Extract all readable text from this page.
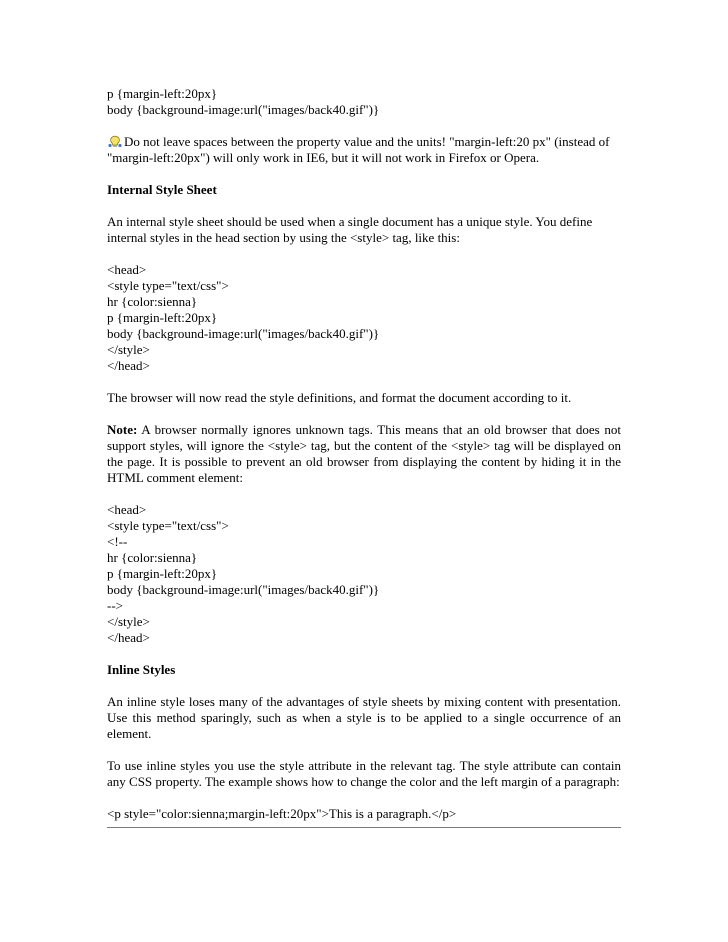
p {margin-left:20px}
body {background-image:url("images/back40.gif")}
Do not leave spaces between the property value and the units! "margin-left:20 px" (instead of
"margin-left:20px") will only work in IE6, but it will not work in Firefox or Opera.
Internal Style Sheet
An internal style sheet should be used when a single document has a unique style. You define
internal styles in the head section by using the <style> tag, like this:
<head>
<style type="text/css">
hr {color:sienna}
p {margin-left:20px}
body {background-image:url("images/back40.gif")}
</style>
</head>
The browser will now read the style definitions, and format the document according to it.
Note: A browser normally ignores unknown tags. This means that an old browser that does not support styles, will ignore the <style> tag, but the content of the <style> tag will be displayed on the page. It is possible to prevent an old browser from displaying the content by hiding it in the HTML comment element:
<head>
<style type="text/css">
<!--
hr {color:sienna}
p {margin-left:20px}
body {background-image:url("images/back40.gif")}
-->
</style>
</head>
Inline Styles
An inline style loses many of the advantages of style sheets by mixing content with presentation. Use this method sparingly, such as when a style is to be applied to a single occurrence of an element.
To use inline styles you use the style attribute in the relevant tag. The style attribute can contain any CSS property. The example shows how to change the color and the left margin of a paragraph:
<p style="color:sienna;margin-left:20px">This is a paragraph.</p>
